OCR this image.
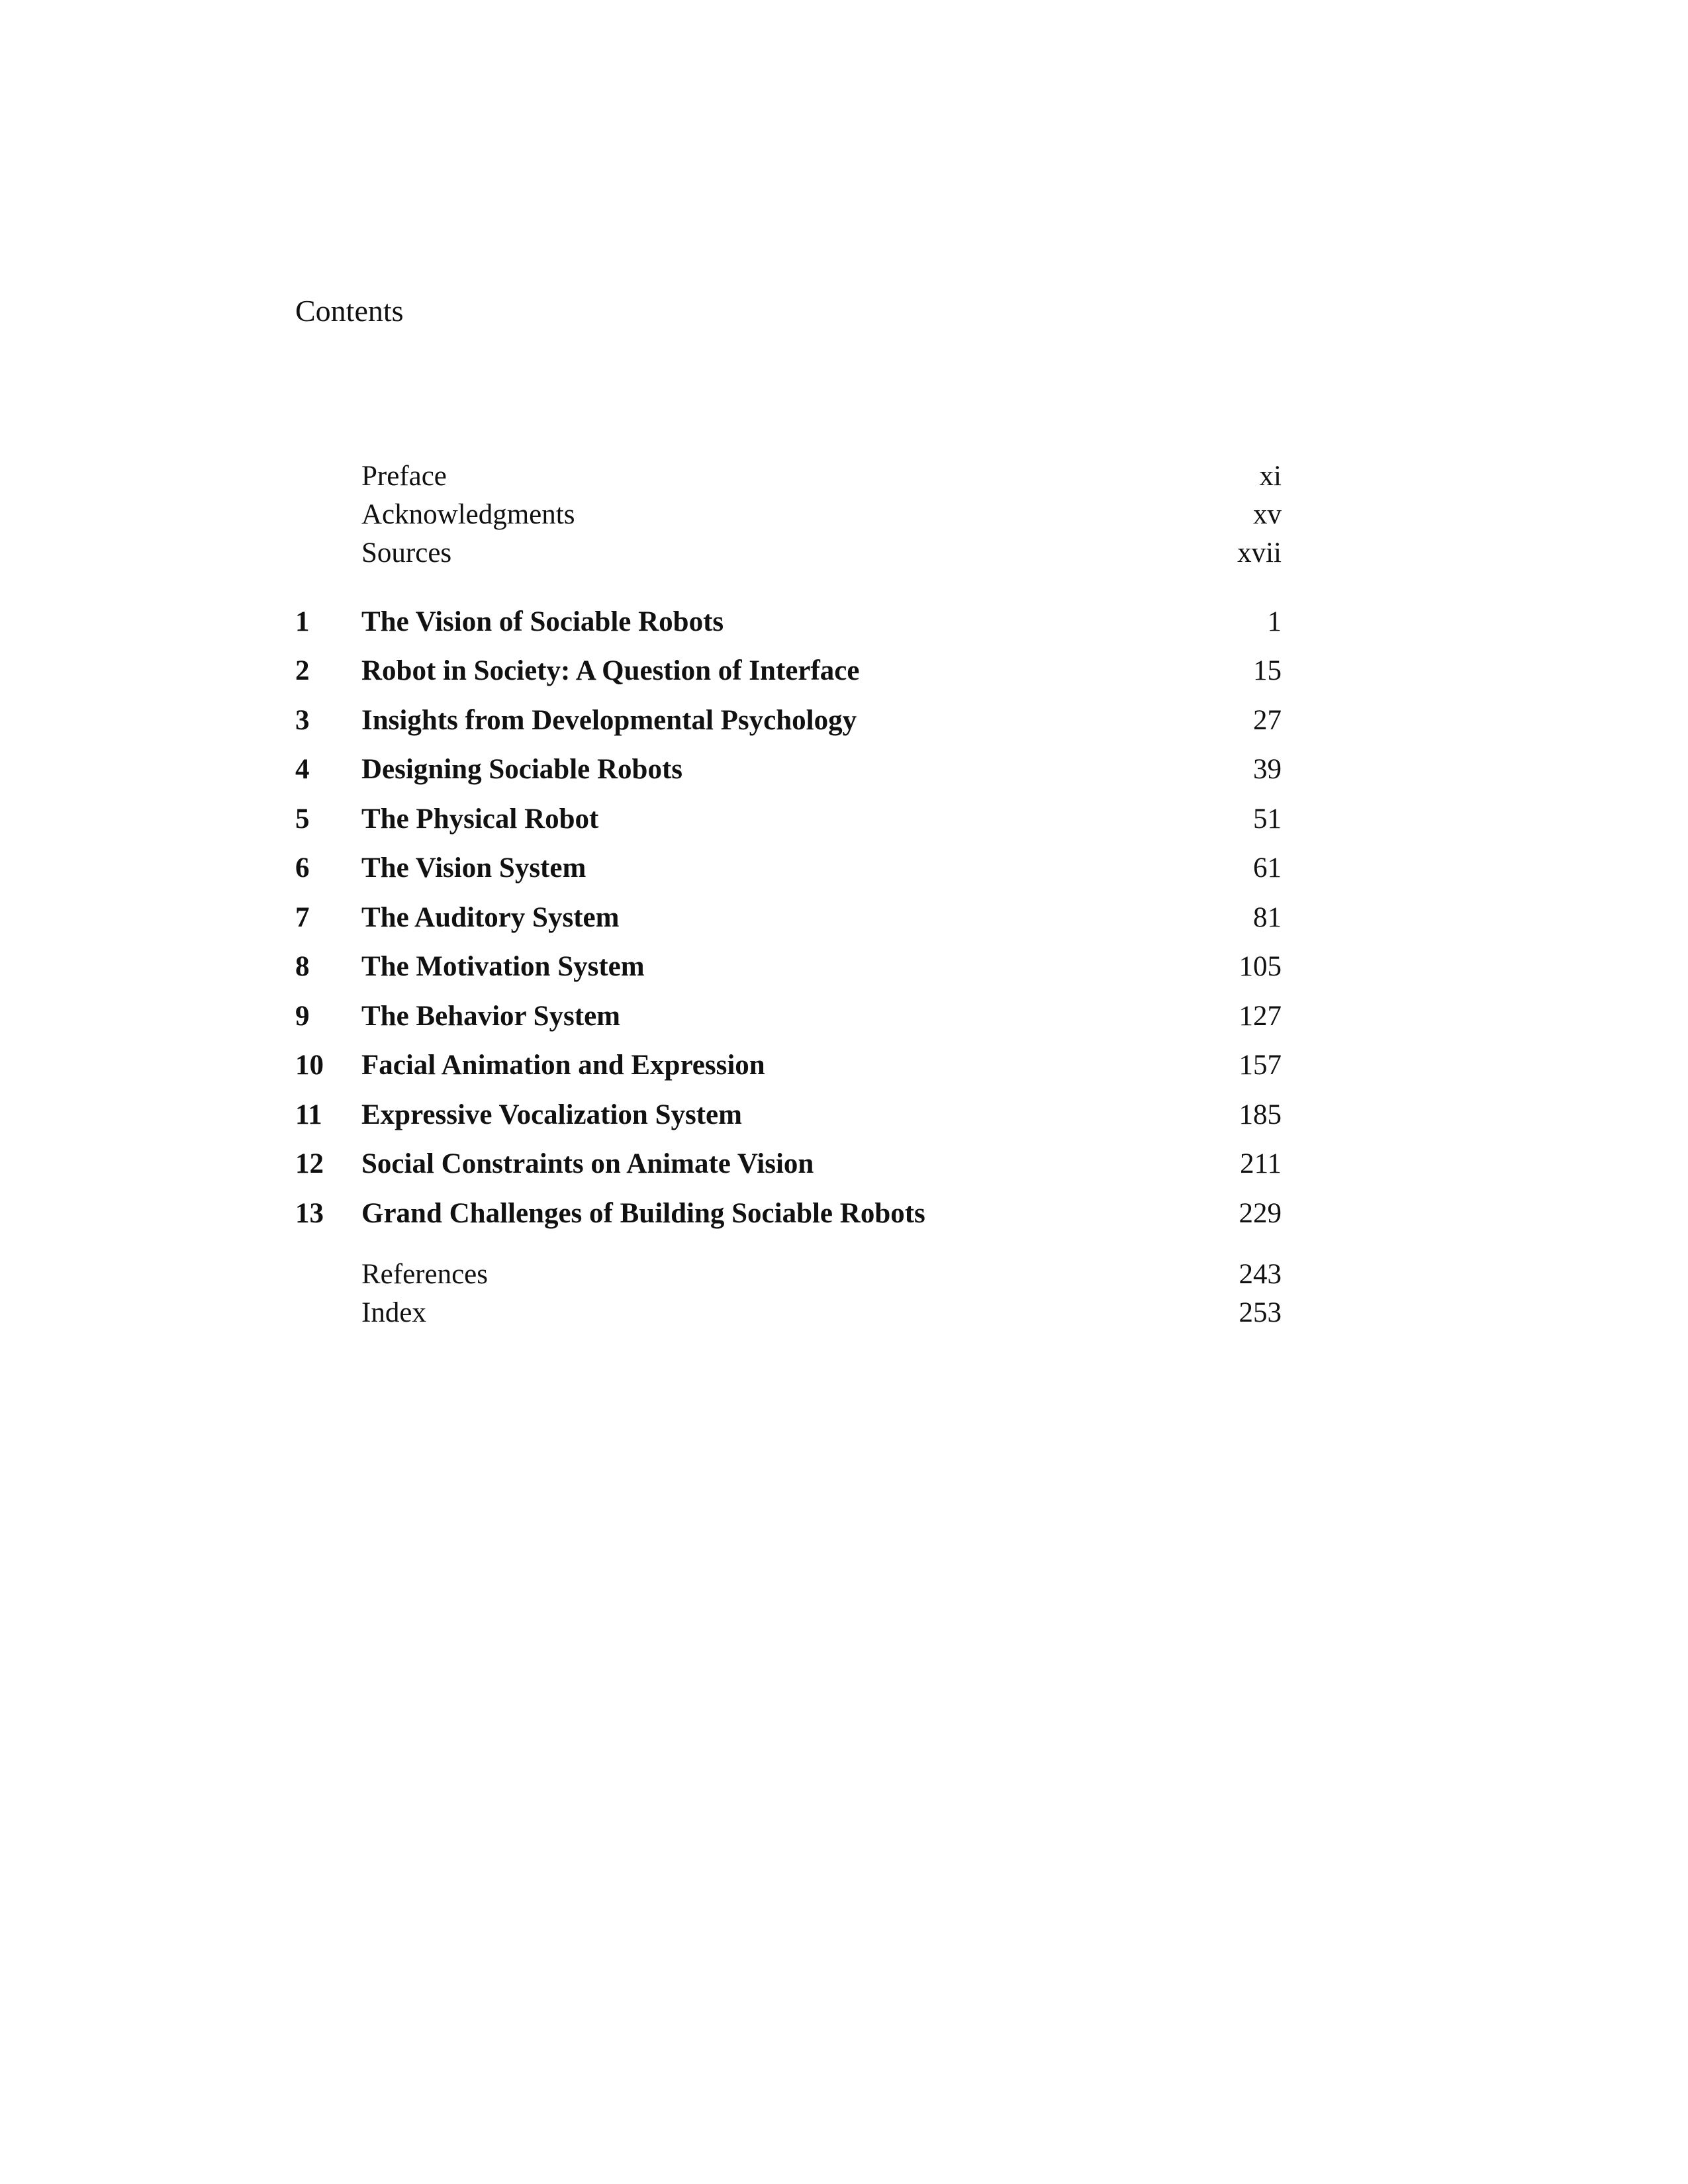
Contents
Preface	xi
Acknowledgments	xv
Sources	xvii
1	The Vision of Sociable Robots	1
2	Robot in Society: A Question of Interface	15
3	Insights from Developmental Psychology	27
4	Designing Sociable Robots	39
5	The Physical Robot	51
6	The Vision System	61
7	The Auditory System	81
8	The Motivation System	105
9	The Behavior System	127
10	Facial Animation and Expression	157
11	Expressive Vocalization System	185
12	Social Constraints on Animate Vision	211
13	Grand Challenges of Building Sociable Robots	229
References	243
Index	253
